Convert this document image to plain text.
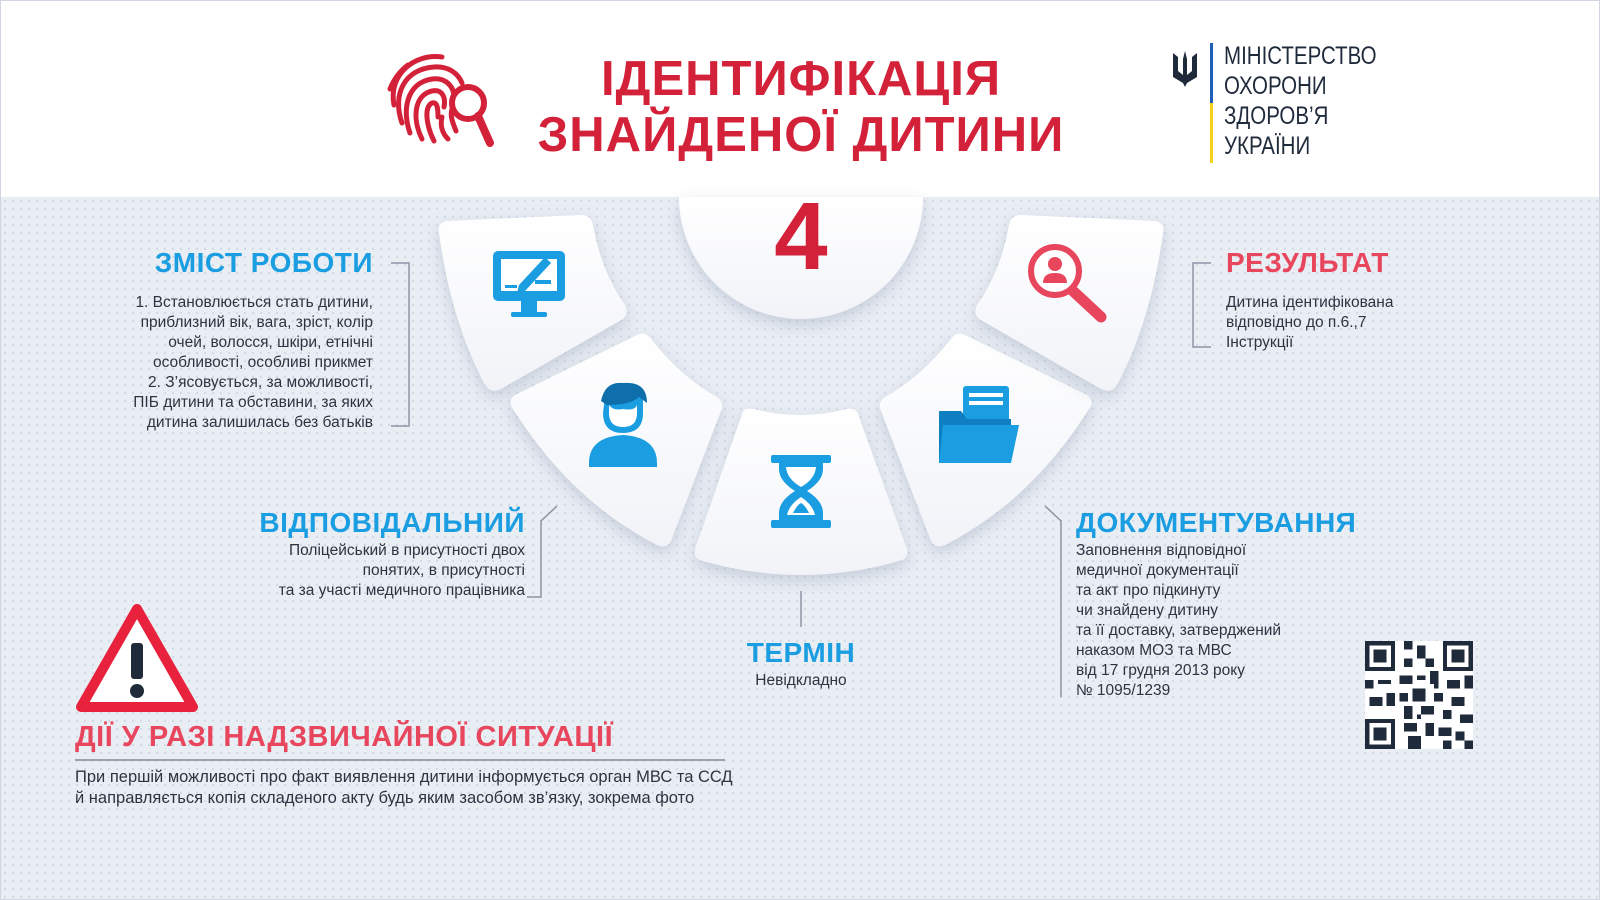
ІДЕНТИФІКАЦІЯ
ЗНАЙДЕНОЇ ДИТИНИ
МІНІСТЕРСТВО
ОХОРОНИ
ЗДОРОВ’Я
УКРАЇНИ
4
ЗМІСТ РОБОТИ
1. Встановлюється стать дитини,
приблизний вік, вага, зріст, колір
очей, волосся, шкіри, етнічні
особливості, особливі прикмет
2. З’ясовується, за можливості,
ПІБ дитини та обставини, за яких
дитина залишилась без батьків
ВІДПОВІДАЛЬНИЙ
Поліцейський в присутності двох
понятих, в присутності
та за участі медичного працівника
ТЕРМІН
Невідкладно
ДОКУМЕНТУВАННЯ
Заповнення відповідної
медичної документації
та акт про підкинуту
чи знайдену дитину
та її доставку, затверджений
наказом МОЗ та МВС
від 17 грудня 2013 року
№ 1095/1239
РЕЗУЛЬТАТ
Дитина ідентифікована
відповідно до п.6.,7
Інструкції
ДІЇ У РАЗІ НАДЗВИЧАЙНОЇ СИТУАЦІЇ
При першій можливості про факт виявлення дитини інформується орган МВС та ССД
й направляється копія складеного акту будь яким засобом зв’язку, зокрема фото
